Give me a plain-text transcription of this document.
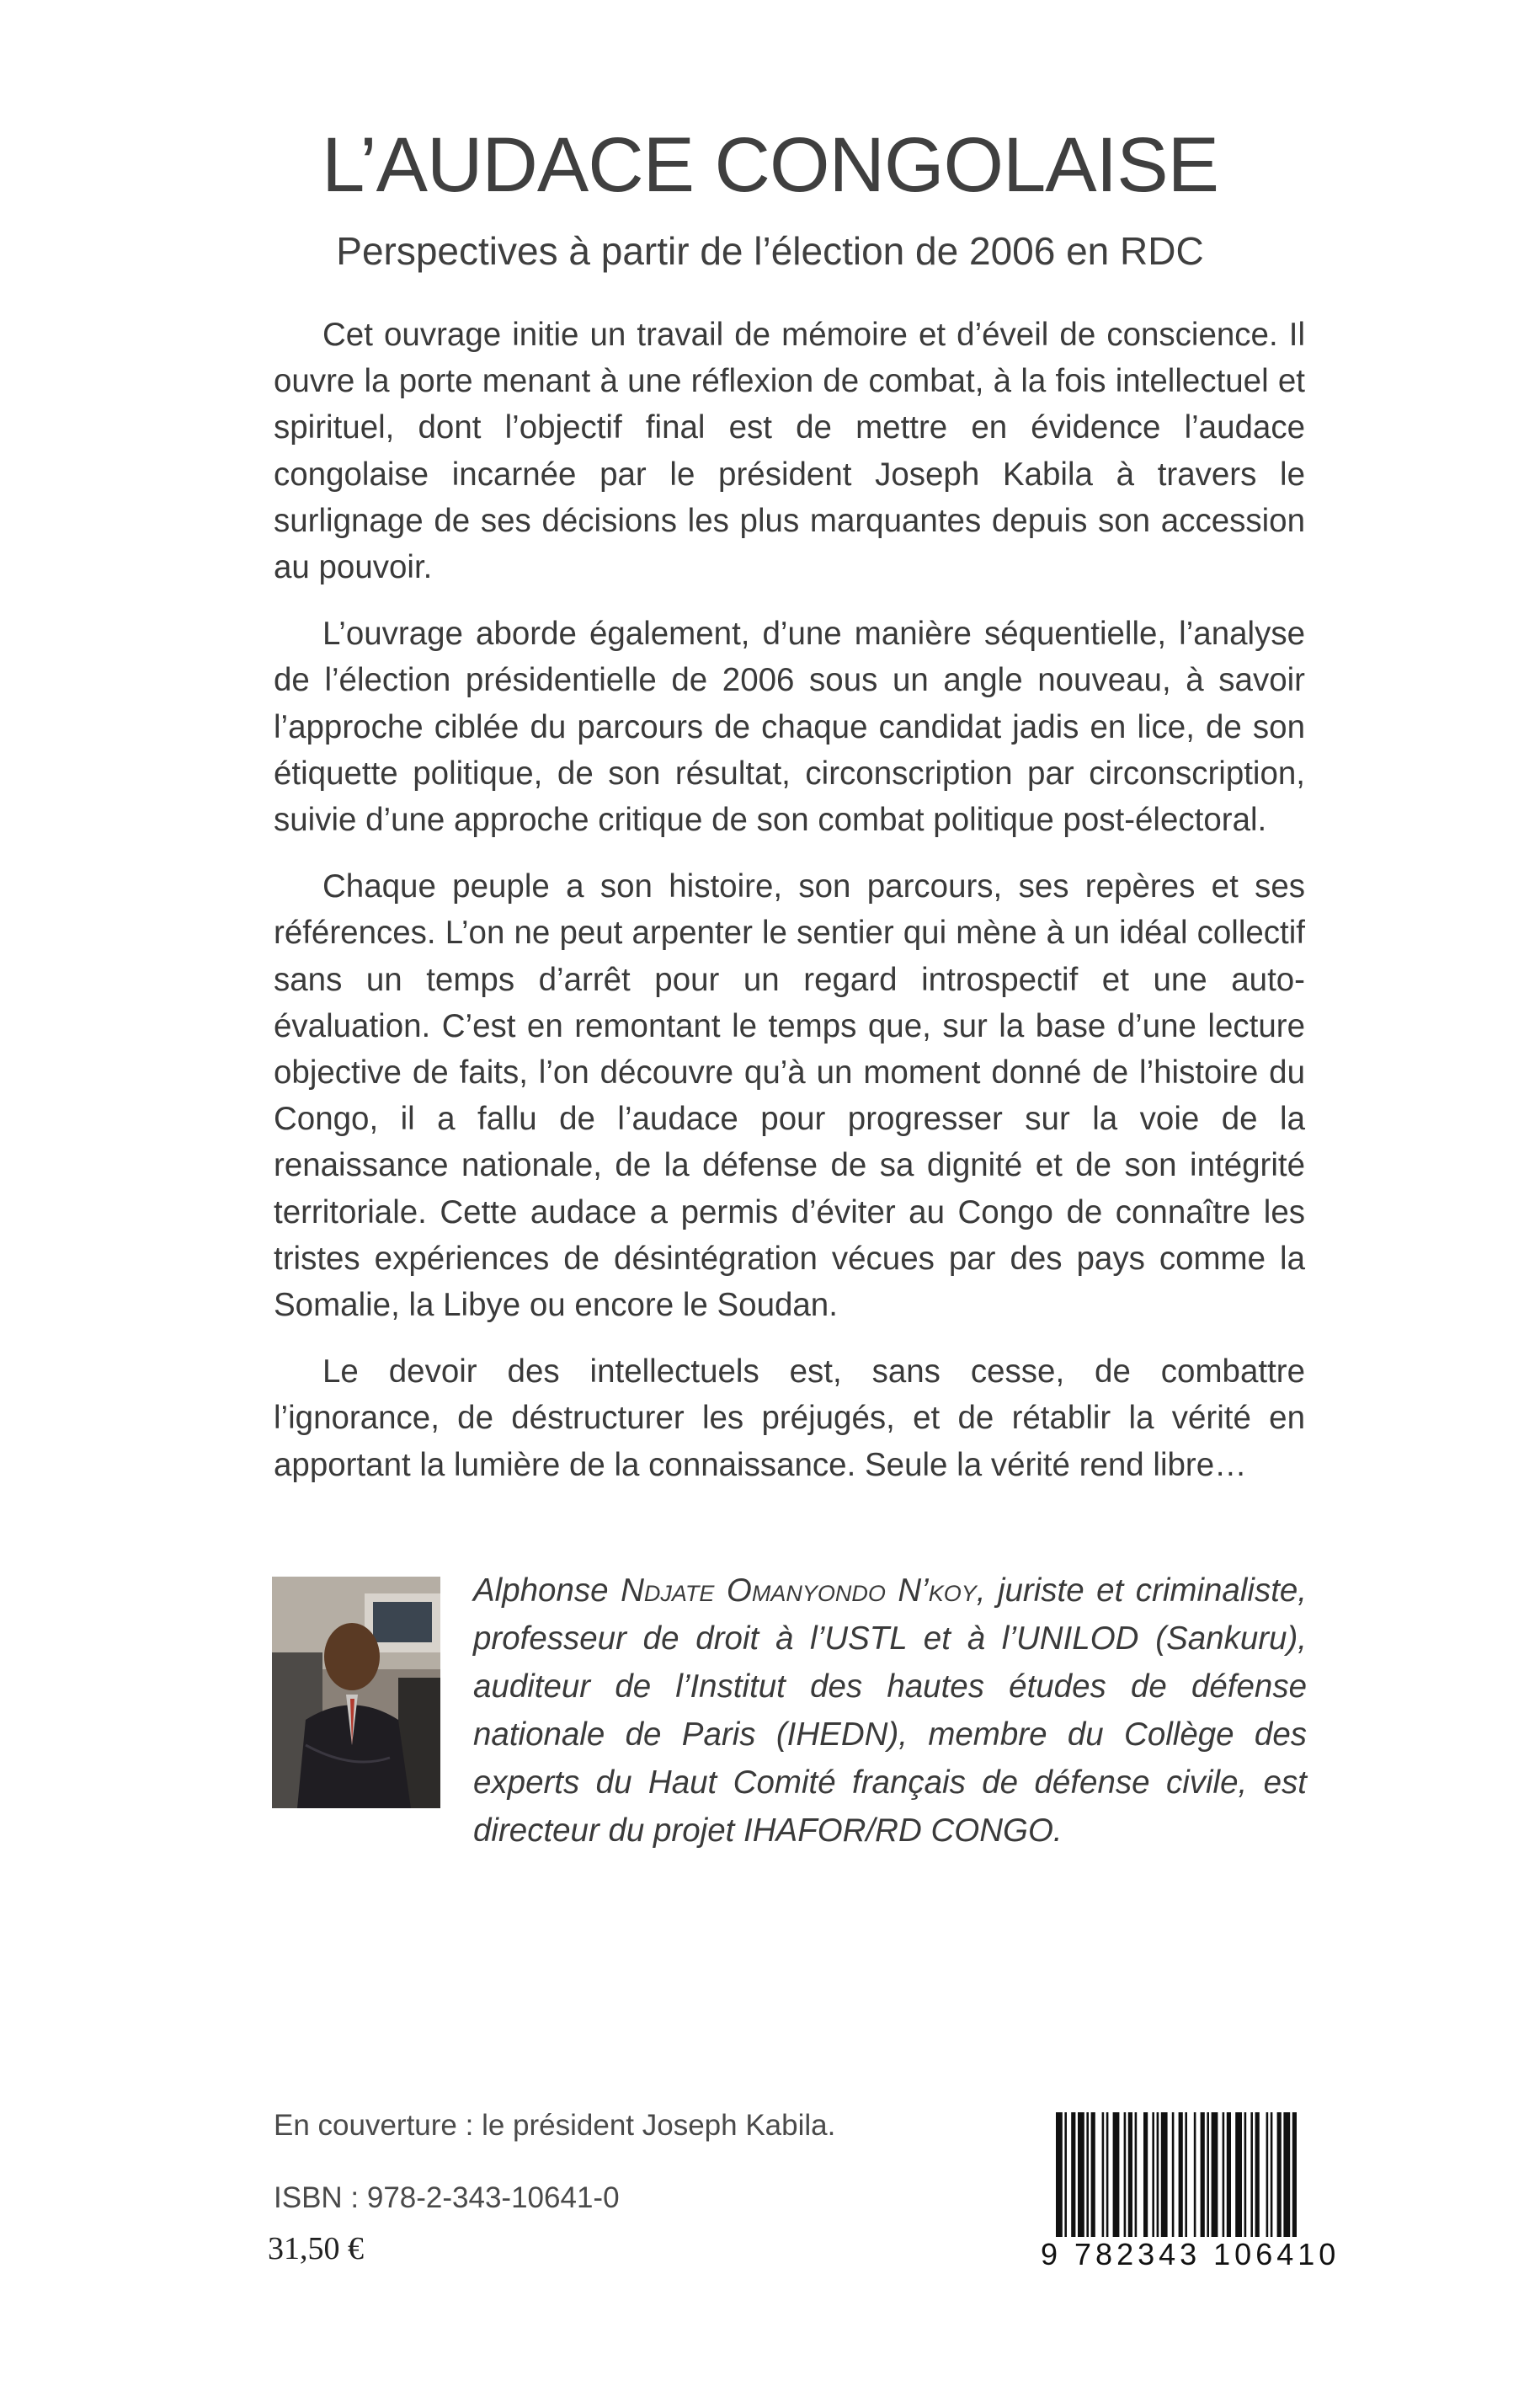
L’AUDACE CONGOLAISE
Perspectives à partir de l’élection de 2006 en RDC

Cet ouvrage initie un travail de mémoire et d’éveil de conscience. Il ouvre la porte menant à une réflexion de combat, à la fois intellectuel et spirituel, dont l’objectif final est de mettre en évidence l’audace congolaise incarnée par le président Joseph Kabila à travers le surlignage de ses décisions les plus marquantes depuis son accession au pouvoir.

L’ouvrage aborde également, d’une manière séquentielle, l’analyse de l’élection présidentielle de 2006 sous un angle nouveau, à savoir l’approche ciblée du parcours de chaque candidat jadis en lice, de son étiquette politique, de son résultat, circonscription par circonscription, suivie d’une approche critique de son combat politique post-électoral.

Chaque peuple a son histoire, son parcours, ses repères et ses références. L’on ne peut arpenter le sentier qui mène à un idéal collectif sans un temps d’arrêt pour un regard introspectif et une auto-évaluation. C’est en remontant le temps que, sur la base d’une lecture objective de faits, l’on découvre qu’à un moment donné de l’histoire du Congo, il a fallu de l’audace pour progresser sur la voie de la renaissance nationale, de la défense de sa dignité et de son intégrité territoriale. Cette audace a permis d’éviter au Congo de connaître les tristes expériences de désintégration vécues par des pays comme la Somalie, la Libye ou encore le Soudan.

Le devoir des intellectuels est, sans cesse, de combattre l’ignorance, de déstructurer les préjugés, et de rétablir la vérité en apportant la lumière de la connaissance. Seule la vérité rend libre…

Alphonse Ndjate Omanyondo N’koy, juriste et criminaliste, professeur de droit à l’USTL et à l’UNILOD (Sankuru), auditeur de l’Institut des hautes études de défense nationale de Paris (IHEDN), membre du Collège des experts du Haut Comité français de défense civile, est directeur du projet IHAFOR/RD CONGO.
En couverture : le président Joseph Kabila.
ISBN : 978-2-343-10641-0
31,50 €	9 782343 106410
